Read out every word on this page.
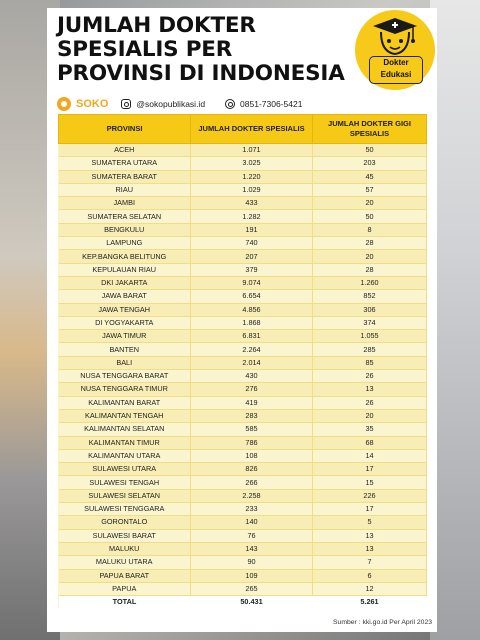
JUMLAH DOKTER
SPESIALIS PER
PROVINSI DI INDONESIA	Dokter
Edukasi
SOKO	@sokopublikasi.id	0851-7306-5421
PROVINSI	JUMLAH DOKTER SPESIALIS	JUMLAH DOKTER GIGI SPESIALIS
ACEH	1.071	50
SUMATERA UTARA	3.025	203
SUMATERA BARAT	1.220	45
RIAU	1.029	57
JAMBI	433	20
SUMATERA SELATAN	1.282	50
BENGKULU	191	8
LAMPUNG	740	28
KEP.BANGKA BELITUNG	207	20
KEPULAUAN RIAU	379	28
DKI JAKARTA	9.074	1.260
JAWA BARAT	6.654	852
JAWA TENGAH	4.856	306
DI YOGYAKARTA	1.868	374
JAWA TIMUR	6.831	1.055
BANTEN	2.264	285
BALI	2.014	85
NUSA TENGGARA BARAT	430	26
NUSA TENGGARA TIMUR	276	13
KALIMANTAN BARAT	419	26
KALIMANTAN TENGAH	283	20
KALIMANTAN SELATAN	585	35
KALIMANTAN TIMUR	786	68
KALIMANTAN UTARA	108	14
SULAWESI UTARA	826	17
SULAWESI TENGAH	266	15
SULAWESI SELATAN	2.258	226
SULAWESI TENGGARA	233	17
GORONTALO	140	5
SULAWESI BARAT	76	13
MALUKU	143	13
MALUKU UTARA	90	7
PAPUA BARAT	109	6
PAPUA	265	12
TOTAL	50.431	5.261
Sumber : kki.go.id Per April 2023
